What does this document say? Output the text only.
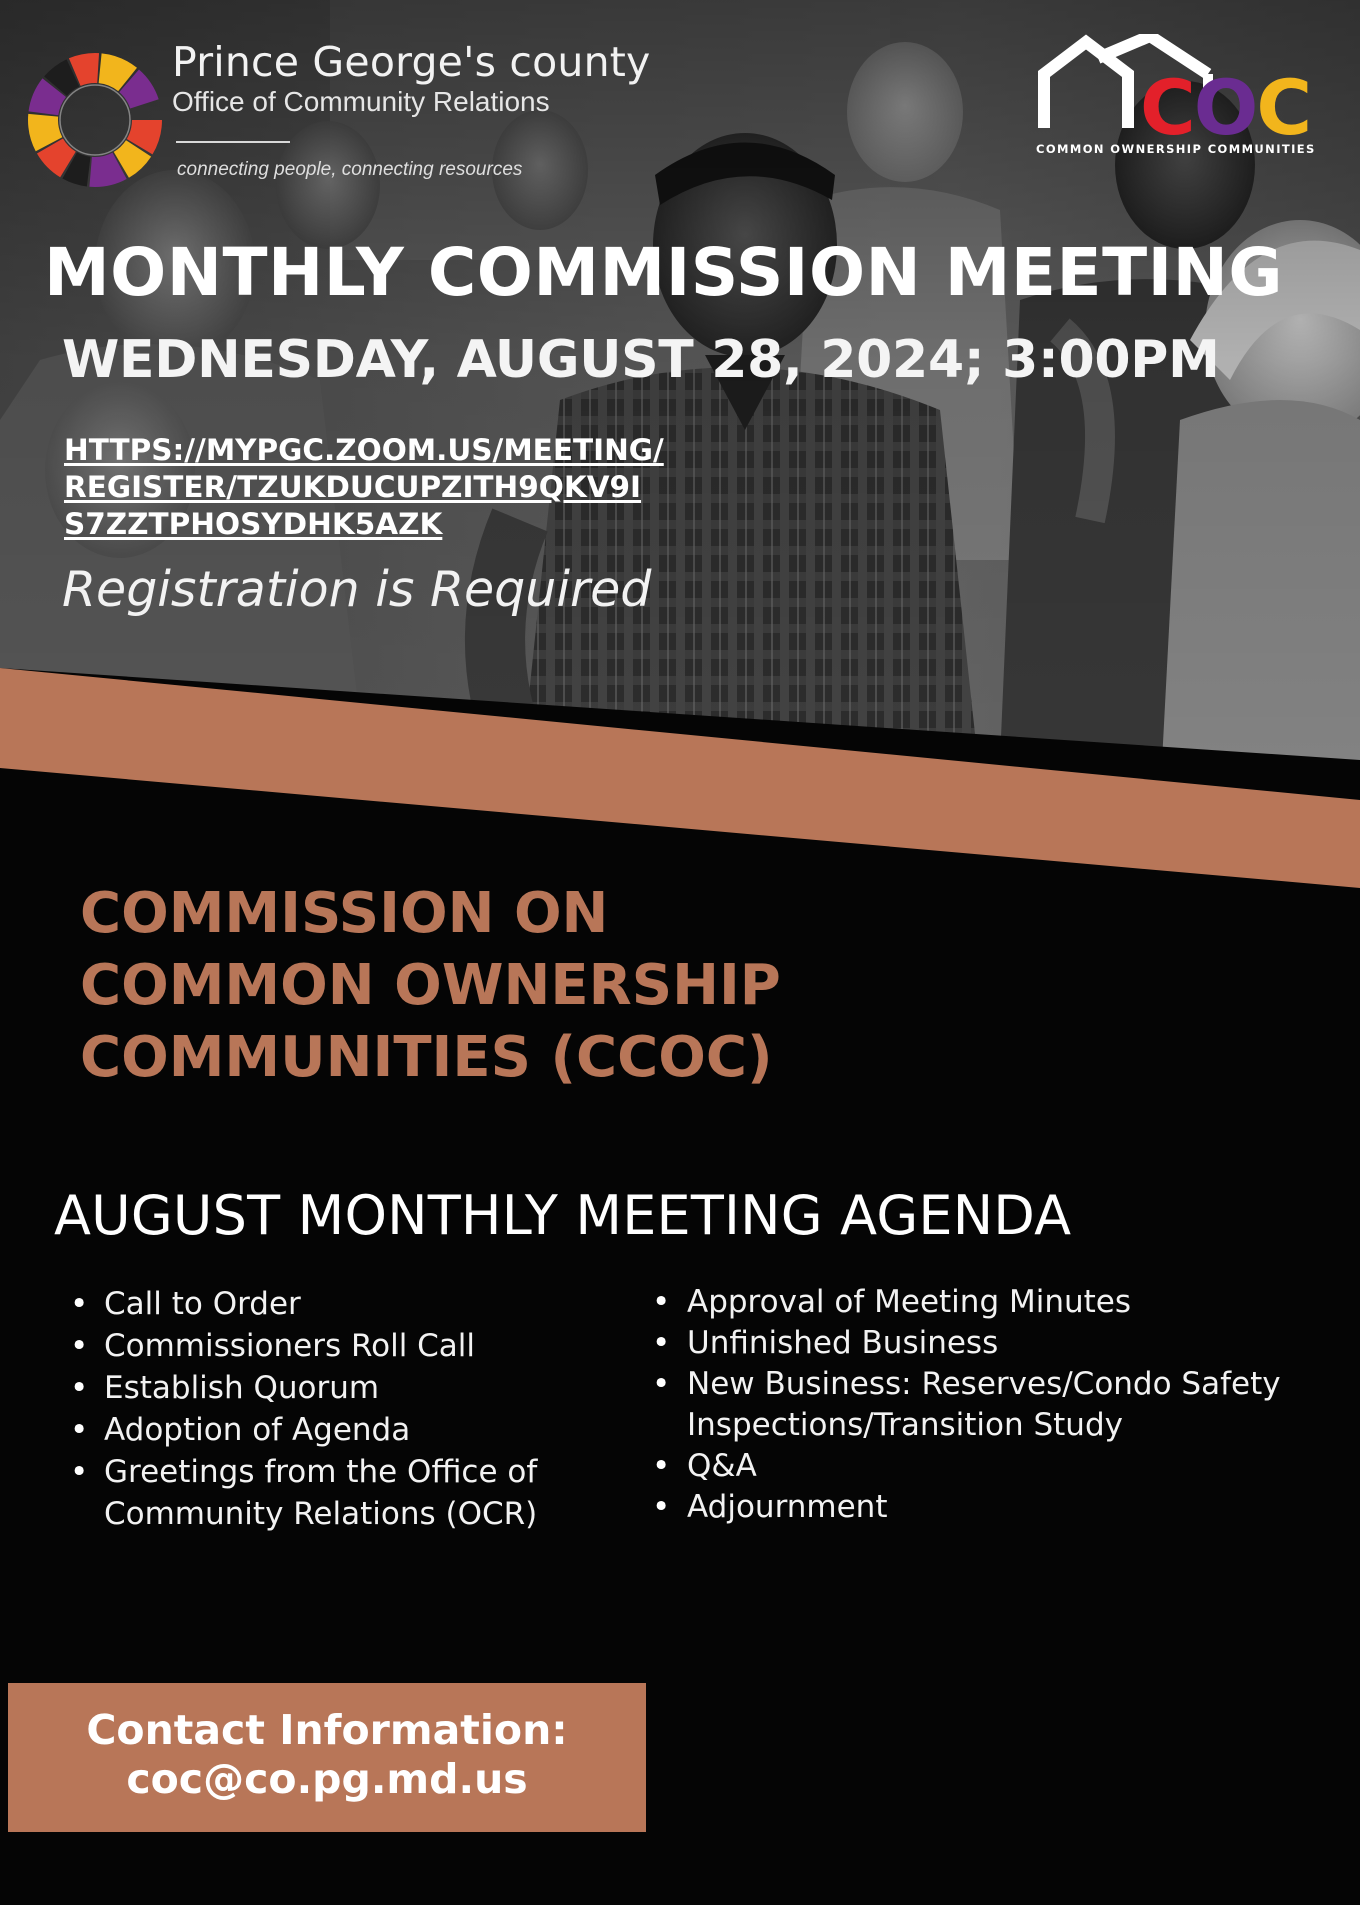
Prince George's county
Office of Community Relations
connecting people, connecting resources
COC
COMMON OWNERSHIP COMMUNITIES
MONTHLY COMMISSION MEETING
WEDNESDAY, AUGUST 28, 2024; 3:00PM
HTTPS://MYPGC.ZOOM.US/MEETING/
REGISTER/TZUKDUCUPZITH9QKV9I
S7ZZTPHOSYDHK5AZK
Registration is Required
COMMISSION ON
COMMON OWNERSHIP
COMMUNITIES (CCOC)
AUGUST MONTHLY MEETING AGENDA
• Call to Order
• Commissioners Roll Call
• Establish Quorum
• Adoption of Agenda
• Greetings from the Office of
Community Relations (OCR)
• Approval of Meeting Minutes
• Unfinished Business
• New Business: Reserves/Condo Safety
Inspections/Transition Study
• Q&A
• Adjournment
Contact Information:
coc@co.pg.md.us
